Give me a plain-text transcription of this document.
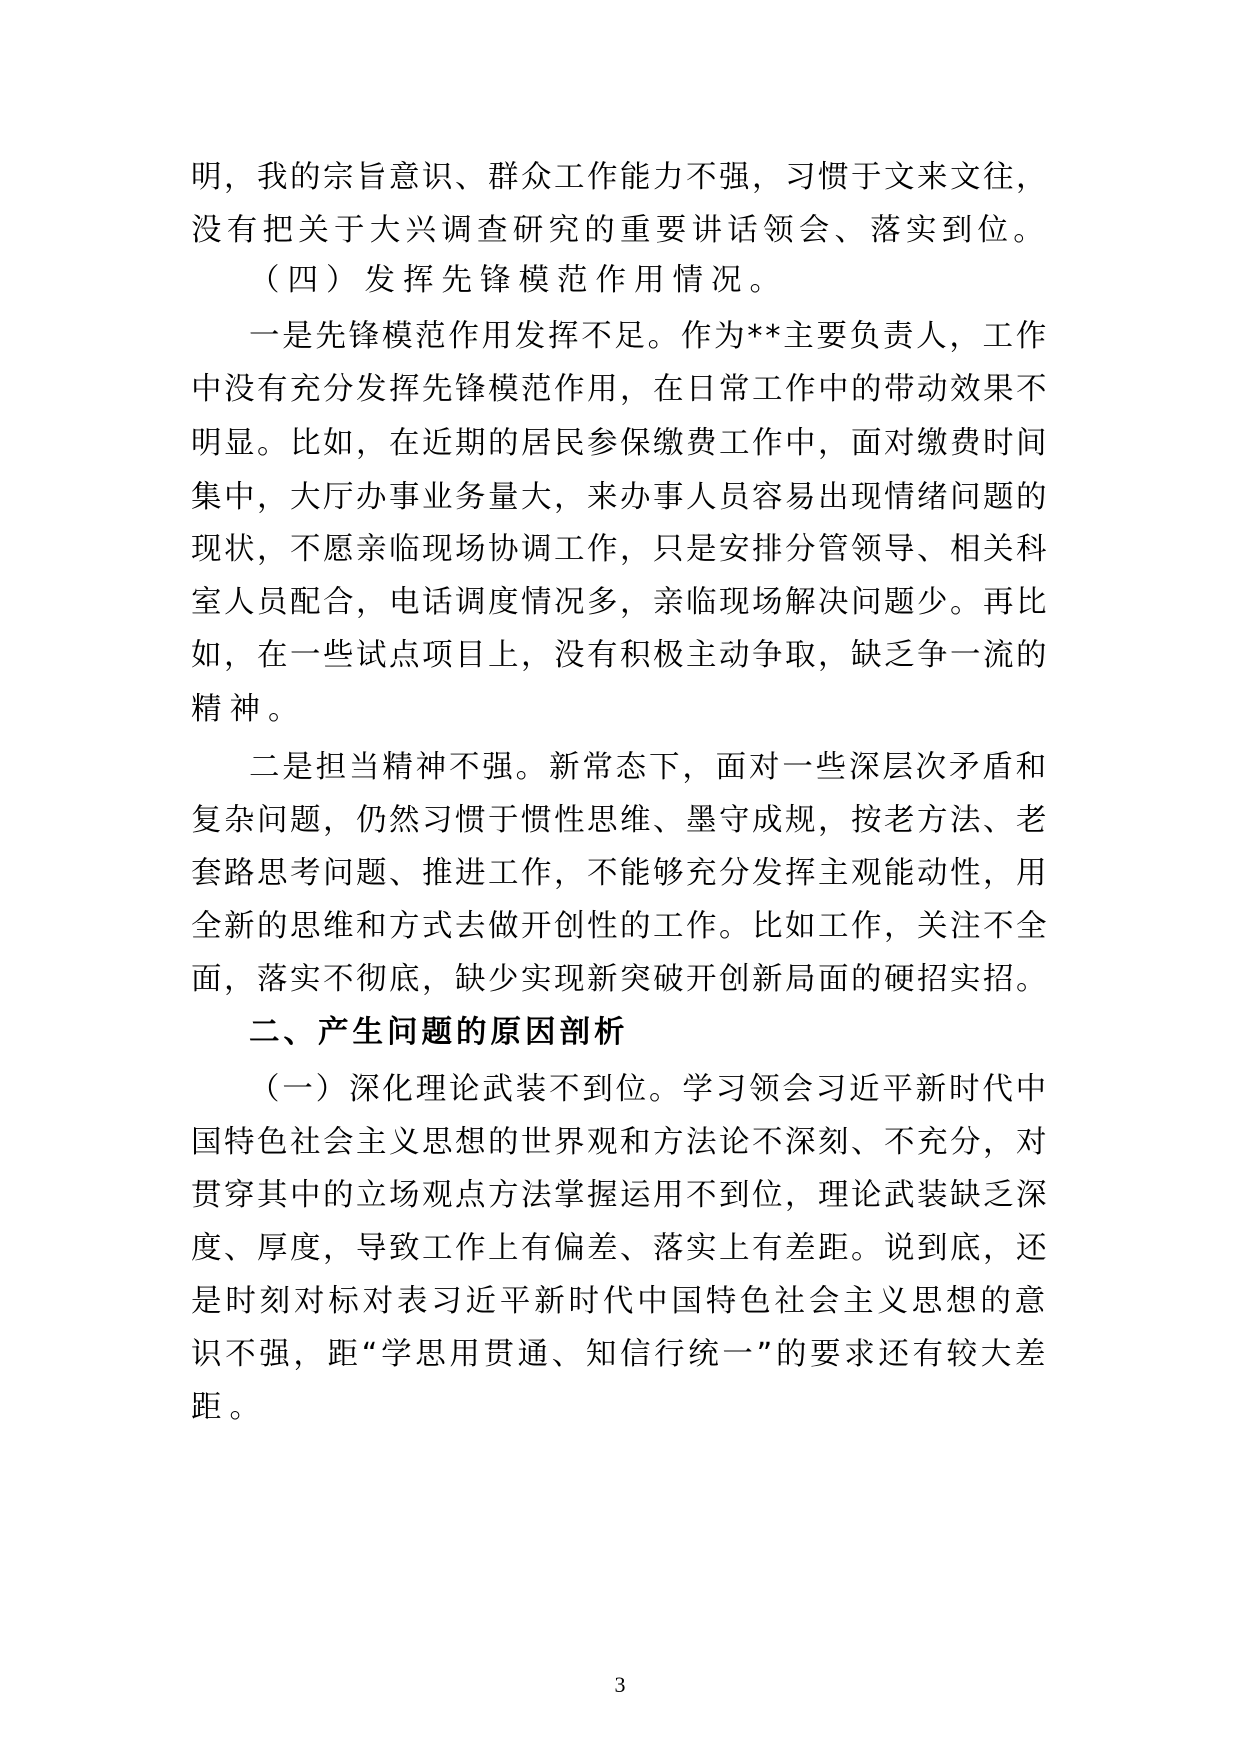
明，我的宗旨意识、群众工作能力不强，习惯于文来文往，
没有把关于大兴调查研究的重要讲话领会、落实到位。
（四）发挥先锋模范作用情况。
一是先锋模范作用发挥不足。作为**主要负责人，工作
中没有充分发挥先锋模范作用，在日常工作中的带动效果不
明显。比如，在近期的居民参保缴费工作中，面对缴费时间
集中，大厅办事业务量大，来办事人员容易出现情绪问题的
现状，不愿亲临现场协调工作，只是安排分管领导、相关科
室人员配合，电话调度情况多，亲临现场解决问题少。再比
如，在一些试点项目上，没有积极主动争取，缺乏争一流的
精神。
二是担当精神不强。新常态下，面对一些深层次矛盾和
复杂问题，仍然习惯于惯性思维、墨守成规，按老方法、老
套路思考问题、推进工作，不能够充分发挥主观能动性，用
全新的思维和方式去做开创性的工作。比如工作，关注不全
面，落实不彻底，缺少实现新突破开创新局面的硬招实招。
二、产生问题的原因剖析
（一）深化理论武装不到位。学习领会习近平新时代中
国特色社会主义思想的世界观和方法论不深刻、不充分，对
贯穿其中的立场观点方法掌握运用不到位，理论武装缺乏深
度、厚度，导致工作上有偏差、落实上有差距。说到底，还
是时刻对标对表习近平新时代中国特色社会主义思想的意
识不强，距“学思用贯通、知信行统一”的要求还有较大差
距。
3
